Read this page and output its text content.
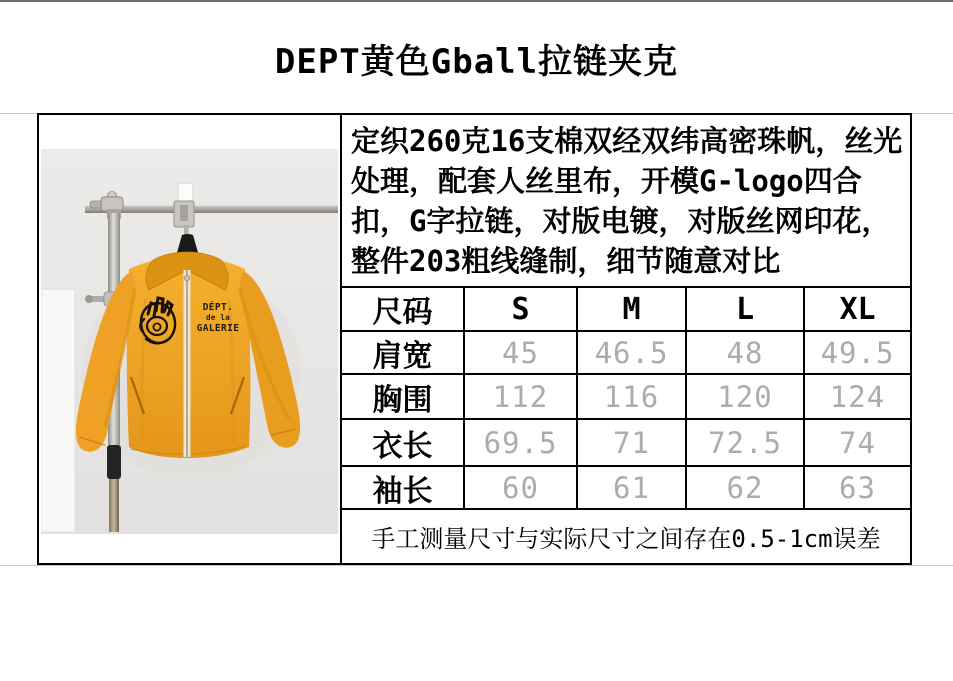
DEPT黄色Gball拉链夹克
DÉPT.
de la
GALERIE
定织260克16支棉双经双纬高密珠帆，丝光处理，配套人丝里布，开模G-logo四合扣，G字拉链，对版电镀，对版丝网印花，整件203粗线缝制，细节随意对比
尺码	S	M	L	XL
肩宽	45	46.5	48	49.5
胸围	112	116	120	124
衣长	69.5	71	72.5	74
袖长	60	61	62	63
手工测量尺寸与实际尺寸之间存在0.5-1cm误差
